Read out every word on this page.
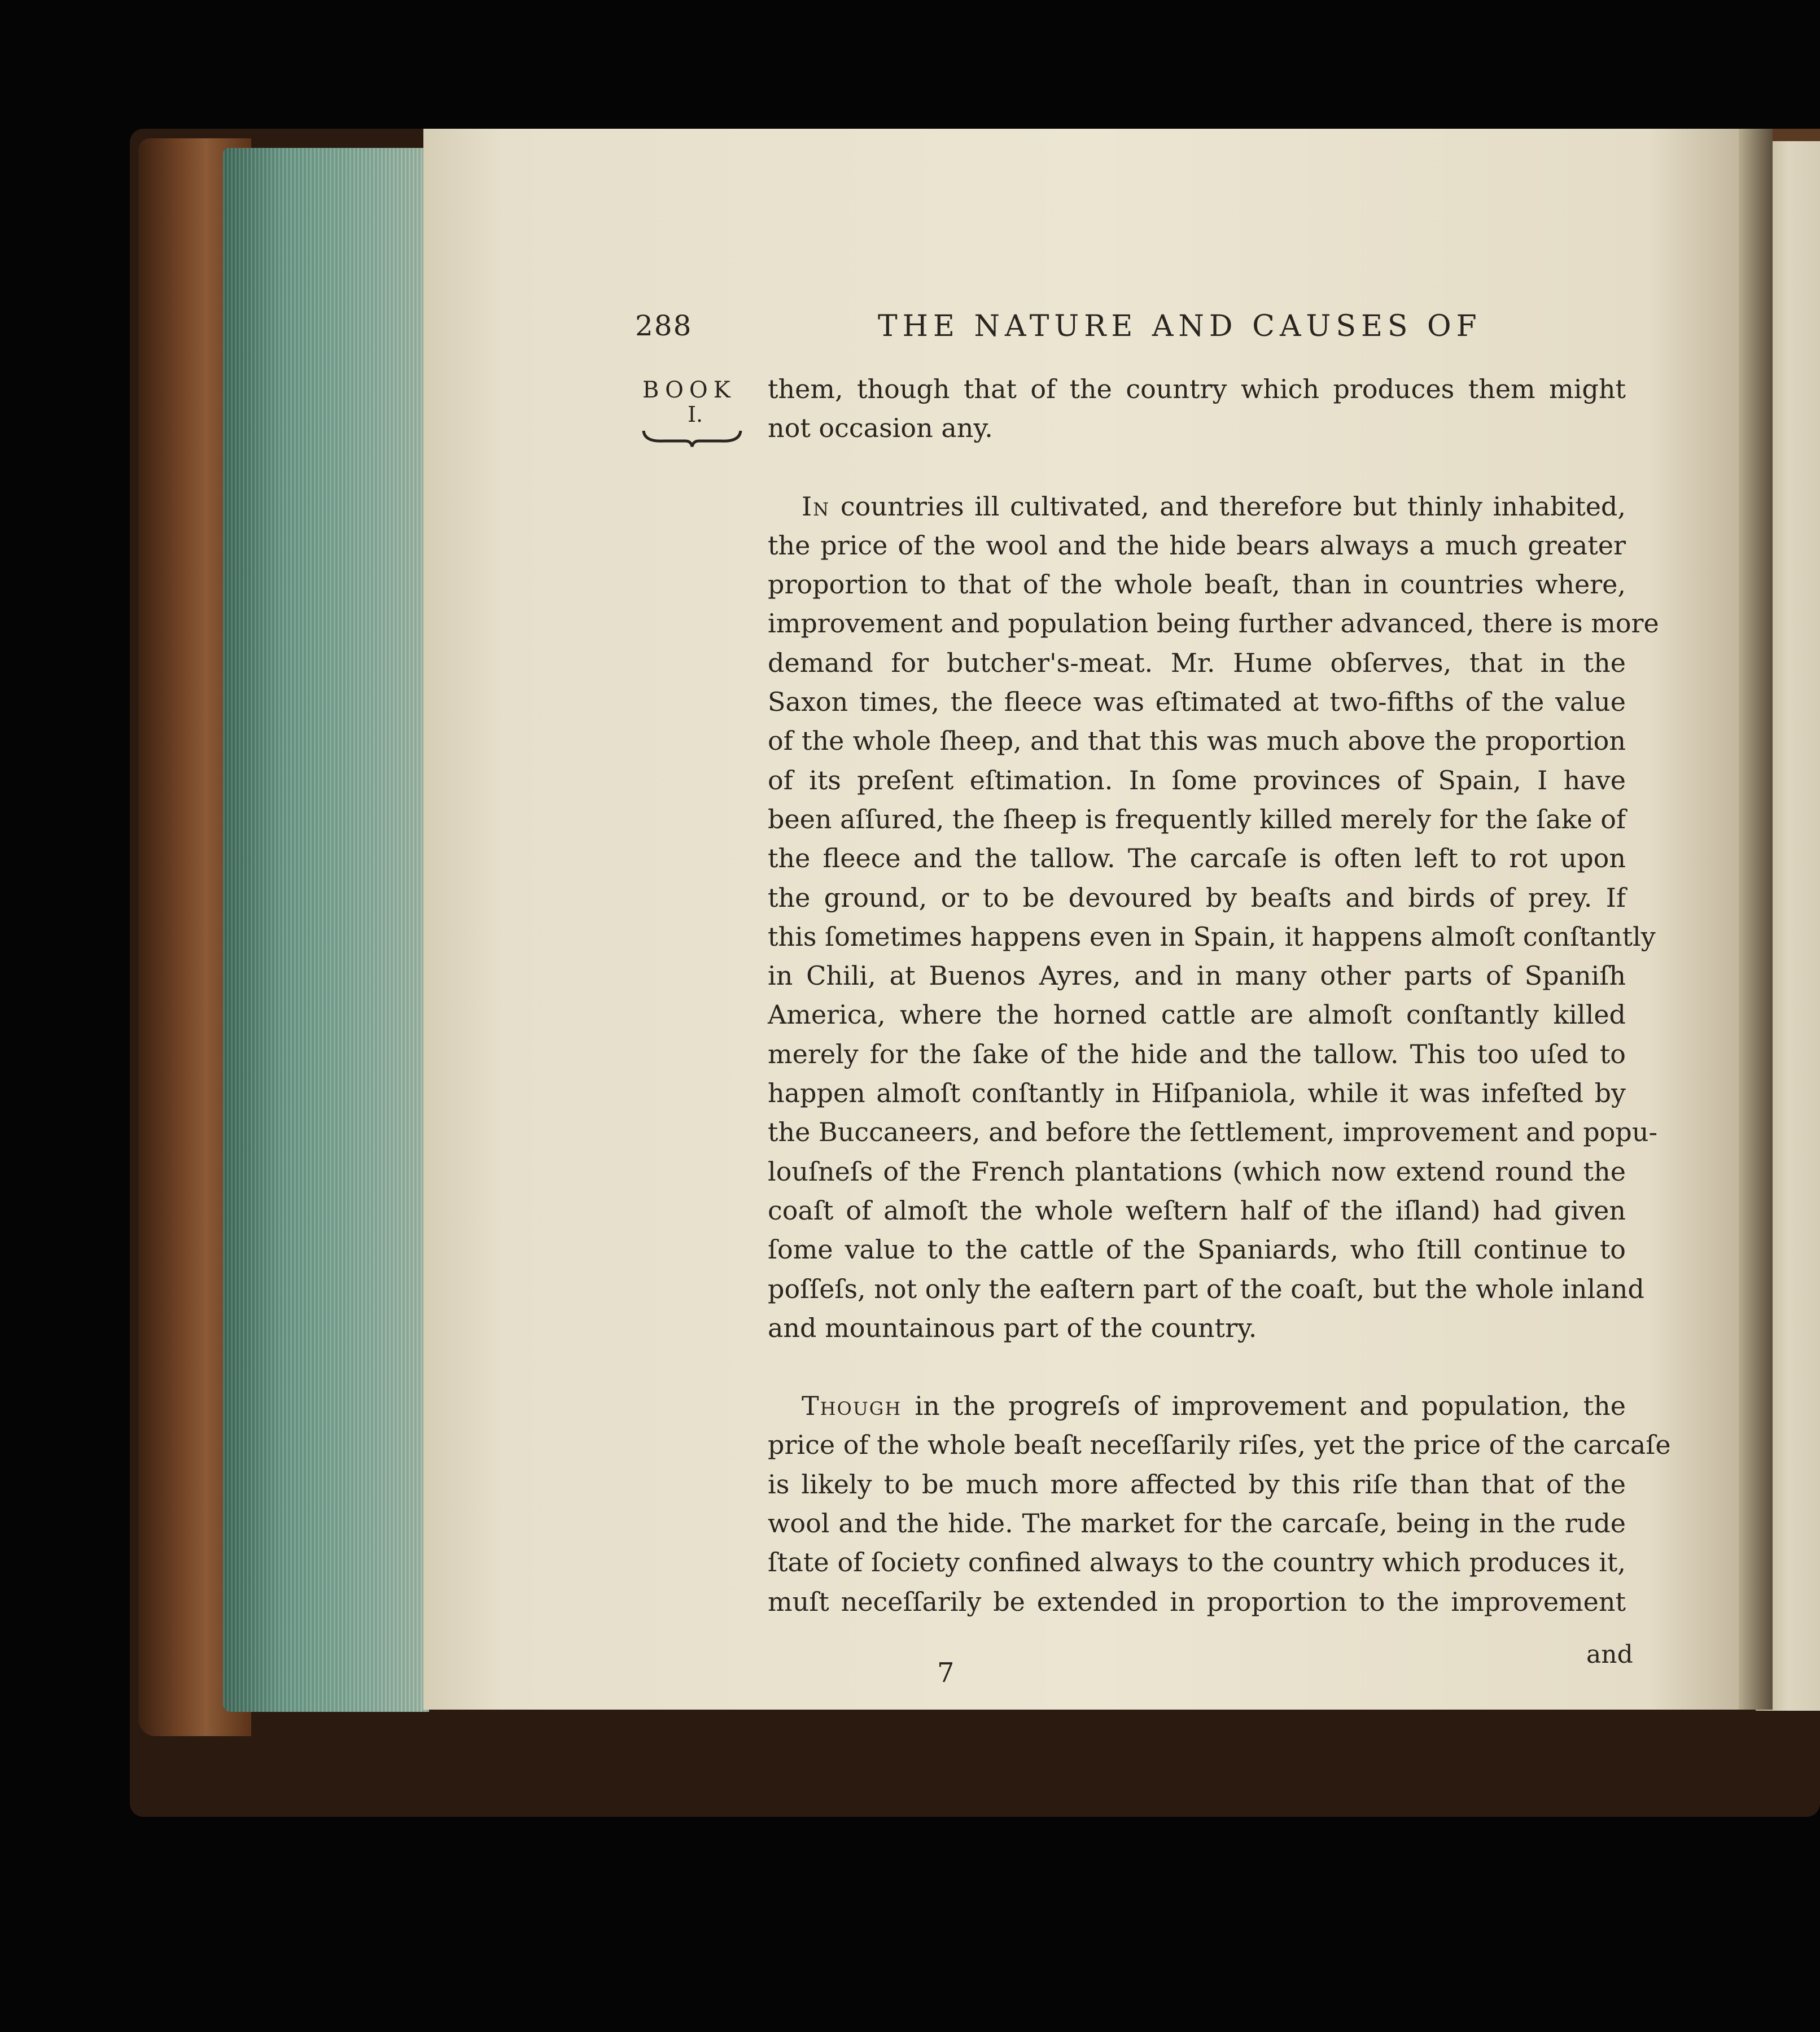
288	THE NATURE AND CAUSES OF
BOOK
I.
them, though that of the country which produces them might
not occasion any.
In countries ill cultivated, and therefore but thinly inhabited,
the price of the wool and the hide bears always a much greater
proportion to that of the whole beaſt, than in countries where,
improvement and population being further advanced, there is more
demand for butcher's-meat. Mr. Hume obſerves, that in the
Saxon times, the fleece was eſtimated at two-fifths of the value
of the whole ſheep, and that this was much above the proportion
of its preſent eſtimation. In ſome provinces of Spain, I have
been aſſured, the ſheep is frequently killed merely for the ſake of
the fleece and the tallow. The carcaſe is often left to rot upon
the ground, or to be devoured by beaſts and birds of prey. If
this ſometimes happens even in Spain, it happens almoſt conſtantly
in Chili, at Buenos Ayres, and in many other parts of Spaniſh
America, where the horned cattle are almoſt conſtantly killed
merely for the ſake of the hide and the tallow. This too uſed to
happen almoſt conſtantly in Hiſpaniola, while it was infeſted by
the Buccaneers, and before the ſettlement, improvement and popu-
louſneſs of the French plantations (which now extend round the
coaſt of almoſt the whole weſtern half of the iſland) had given
ſome value to the cattle of the Spaniards, who ſtill continue to
poſſeſs, not only the eaſtern part of the coaſt, but the whole inland
and mountainous part of the country.
Though in the progreſs of improvement and population, the
price of the whole beaſt neceſſarily riſes, yet the price of the carcaſe
is likely to be much more affected by this riſe than that of the
wool and the hide. The market for the carcaſe, being in the rude
ſtate of ſociety confined always to the country which produces it,
muſt neceſſarily be extended in proportion to the improvement
and
7
